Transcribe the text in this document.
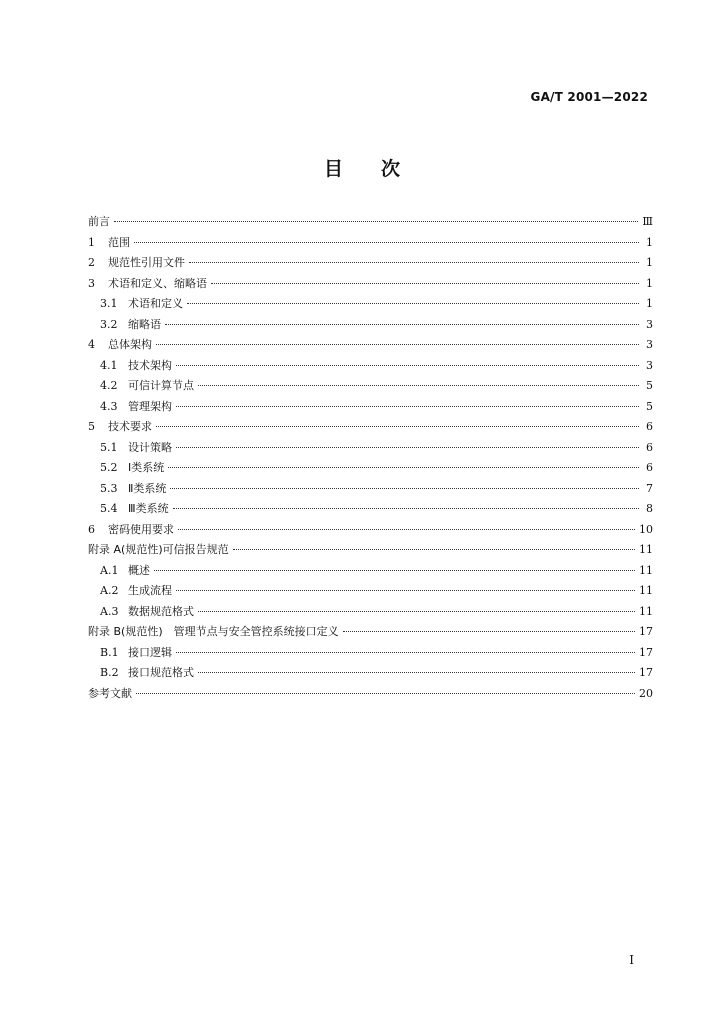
GA/T 2001—2022
目次
前言	Ⅲ
1	范围	1
2	规范性引用文件	1
3	术语和定义、缩略语	1
3.1 术语和定义	1
3.2 缩略语	3
4	总体架构	3
4.1 技术架构	3
4.2 可信计算节点	5
4.3 管理架构	5
5	技术要求	6
5.1 设计策略	6
5.2 Ⅰ类系统	6
5.3 Ⅱ类系统	7
5.4 Ⅲ类系统	8
6	密码使用要求	10
附录 A(规范性)可信报告规范	11
A.1 概述	11
A.2 生成流程	11
A.3 数据规范格式	11
附录 B(规范性)　管理节点与安全管控系统接口定义	17
B.1 接口逻辑	17
B.2 接口规范格式	17
参考文献	20
I
